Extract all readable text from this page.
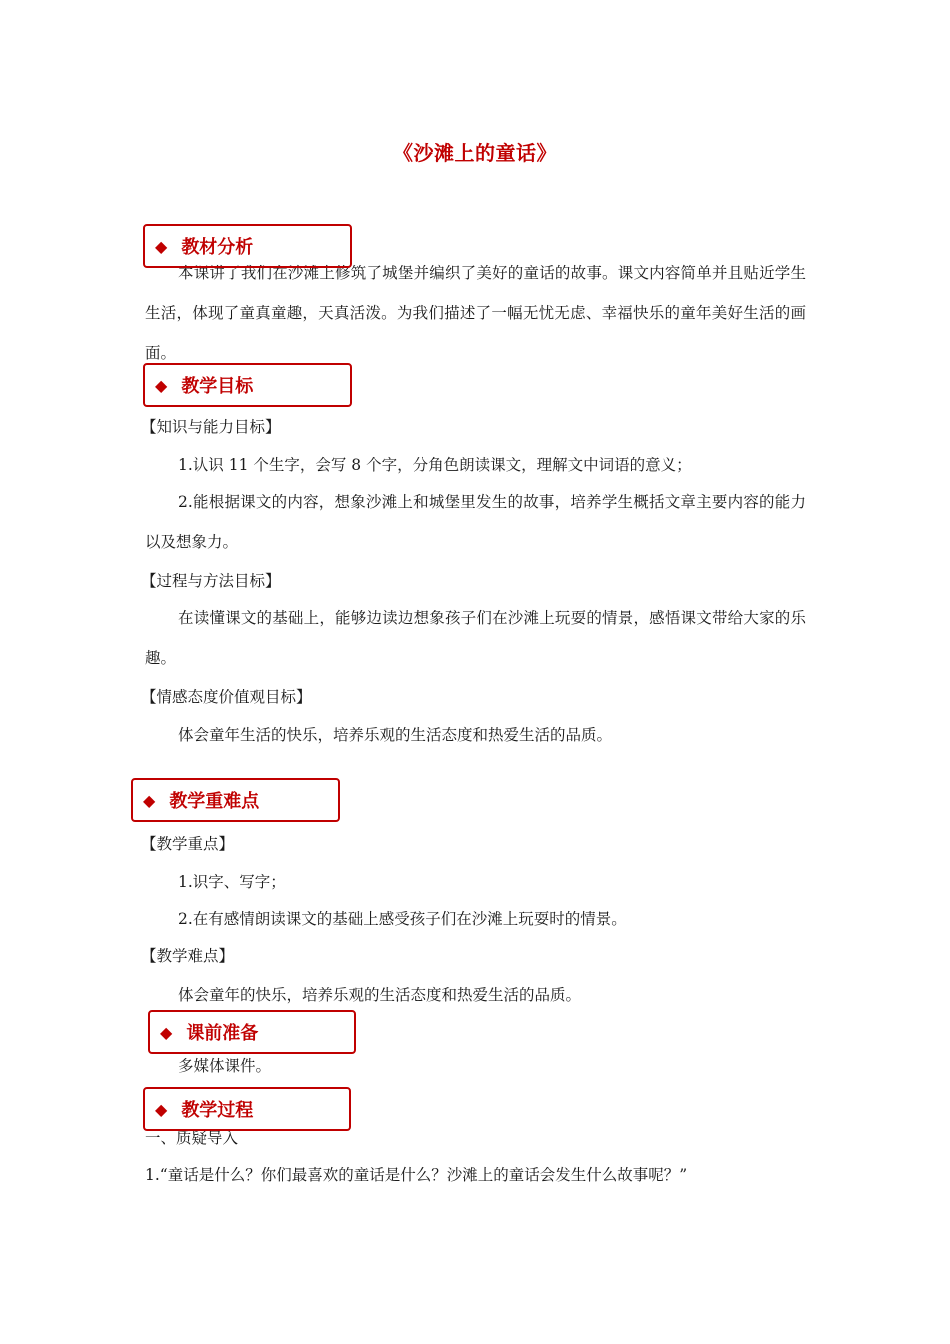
《沙滩上的童话》
◆ 教材分析
本课讲了我们在沙滩上修筑了城堡并编织了美好的童话的故事。课文内容简单并且贴近学生生活，体现了童真童趣，天真活泼。为我们描述了一幅无忧无虑、幸福快乐的童年美好生活的画面。
◆ 教学目标
【知识与能力目标】
1.认识 11 个生字，会写 8 个字，分角色朗读课文，理解文中词语的意义；
2.能根据课文的内容，想象沙滩上和城堡里发生的故事，培养学生概括文章主要内容的能力以及想象力。
【过程与方法目标】
在读懂课文的基础上，能够边读边想象孩子们在沙滩上玩耍的情景，感悟课文带给大家的乐趣。
【情感态度价值观目标】
体会童年生活的快乐，培养乐观的生活态度和热爱生活的品质。
◆ 教学重难点
【教学重点】
1.识字、写字；
2.在有感情朗读课文的基础上感受孩子们在沙滩上玩耍时的情景。
【教学难点】
体会童年的快乐，培养乐观的生活态度和热爱生活的品质。
◆ 课前准备
多媒体课件。
◆ 教学过程
一、质疑导入
1.“童话是什么？你们最喜欢的童话是什么？沙滩上的童话会发生什么故事呢？”
